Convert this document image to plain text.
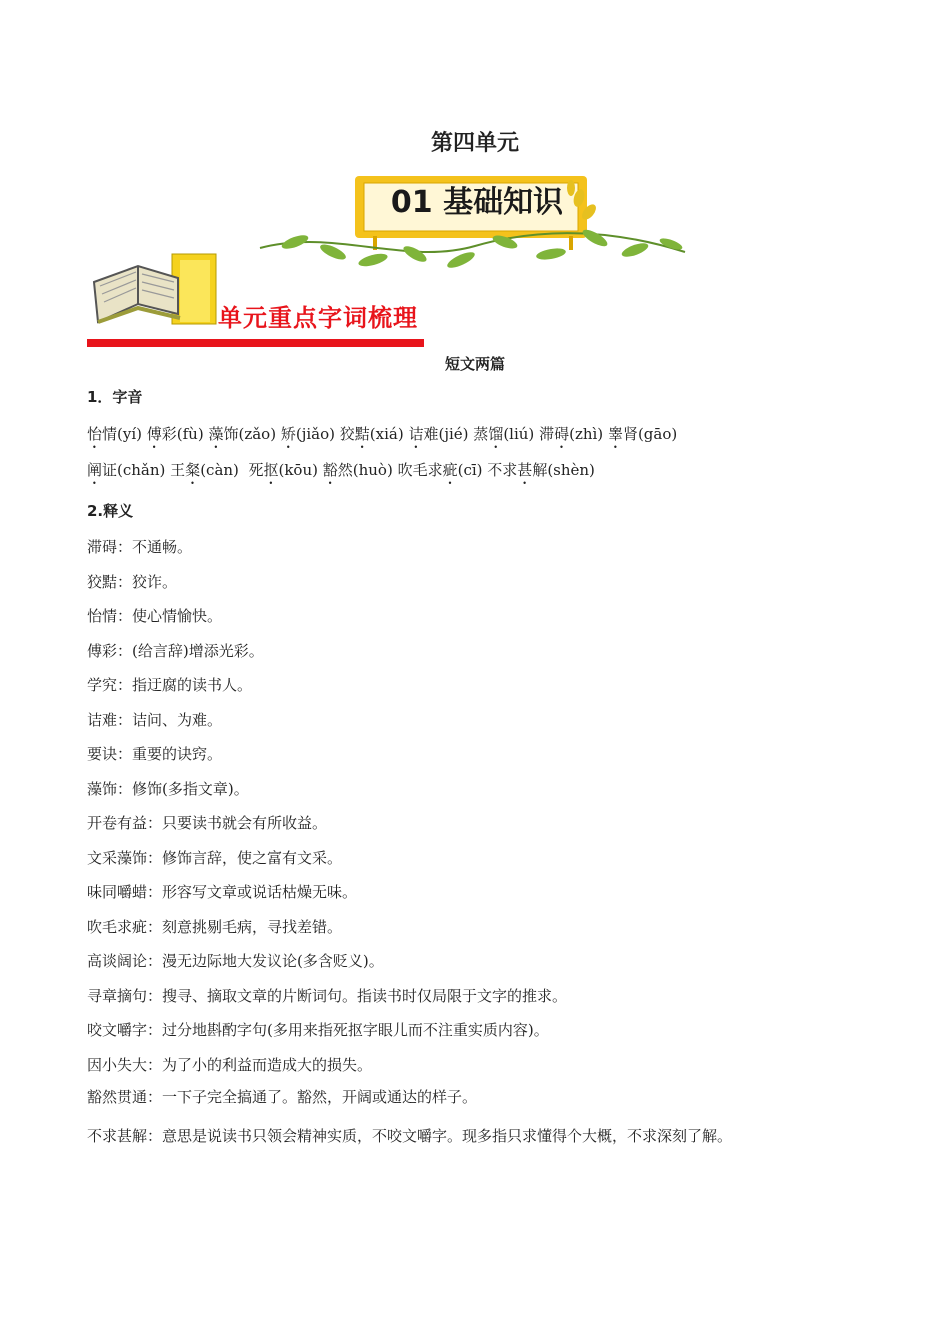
第四单元
01 基础知识
单元重点字词梳理
短文两篇
1．字音
怡情(yí) 傅彩(fù) 藻饰(zǎo) 矫(jiǎo) 狡黠(xiá) 诘难(jié) 蒸馏(liú) 滞碍(zhì) 睾肾(gāo)
阐证(chǎn) 王粲(càn)  死抠(kōu) 豁然(huò) 吹毛求疵(cī) 不求甚解(shèn)
2.释义
滞碍：不通畅。
狡黠：狡诈。
怡情：使心情愉快。
傅彩：(给言辞)增添光彩。
学究：指迂腐的读书人。
诘难：诘问、为难。
要诀：重要的诀窍。
藻饰：修饰(多指文章)。
开卷有益：只要读书就会有所收益。
文采藻饰：修饰言辞，使之富有文采。
味同嚼蜡：形容写文章或说话枯燥无味。
吹毛求疵：刻意挑剔毛病，寻找差错。
高谈阔论：漫无边际地大发议论(多含贬义)。
寻章摘句：搜寻、摘取文章的片断词句。指读书时仅局限于文字的推求。
咬文嚼字：过分地斟酌字句(多用来指死抠字眼儿而不注重实质内容)。
因小失大：为了小的利益而造成大的损失。
豁然贯通：一下子完全搞通了。豁然，开阔或通达的样子。
不求甚解：意思是说读书只领会精神实质，不咬文嚼字。现多指只求懂得个大概，不求深刻了解。
